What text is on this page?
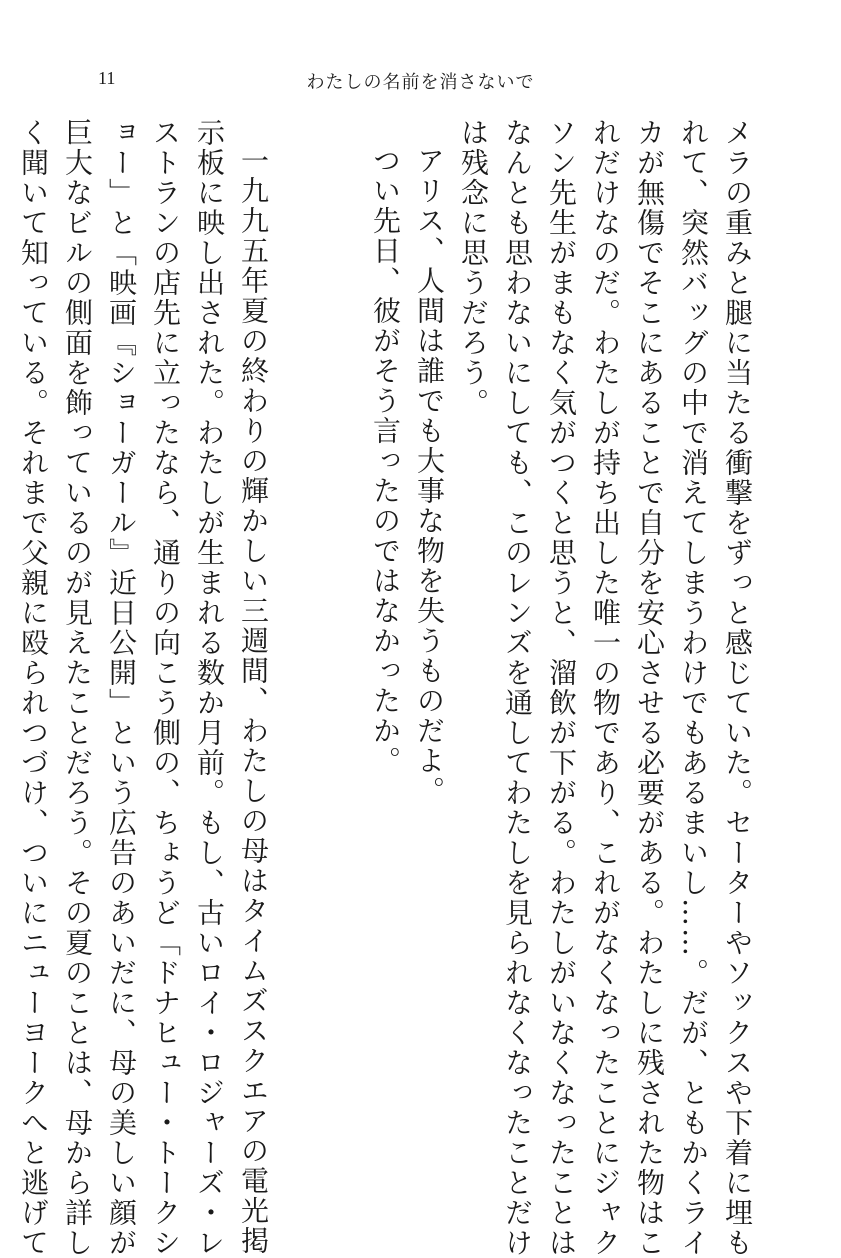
11	わたしの名前を消さないで
メラの重みと腿に当たる衝撃をずっと感じていた。セーターやソックスや下着に埋も
れて、突然バッグの中で消えてしまうわけでもあるまいし……。だが、ともかくライ
カが無傷でそこにあることで自分を安心させる必要がある。わたしに残された物はこ
れだけなのだ。わたしが持ち出した唯一の物であり、これがなくなったことにジャク
ソン先生がまもなく気がつくと思うと、溜飲が下がる。わたしがいなくなったことは
なんとも思わないにしても、このレンズを通してわたしを見られなくなったことだけ
は残念に思うだろう。
アリス、人間は誰でも大事な物を失うものだよ。
つい先日、彼がそう言ったのではなかったか。

一九九五年夏の終わりの輝かしい三週間、わたしの母はタイムズスクエアの電光掲
示板に映し出された。わたしが生まれる数か月前。もし、古いロイ・ロジャーズ・レ
ストランの店先に立ったなら、通りの向こう側の、ちょうど「ドナヒュー・トークシ
ョー」と「映画『ショーガール』近日公開」という広告のあいだに、母の美しい顔が
巨大なビルの側面を飾っているのが見えたことだろう。その夏のことは、母から詳し
く聞いて知っている。それまで父親に殴られつづけ、ついにニューヨークへと逃げて
